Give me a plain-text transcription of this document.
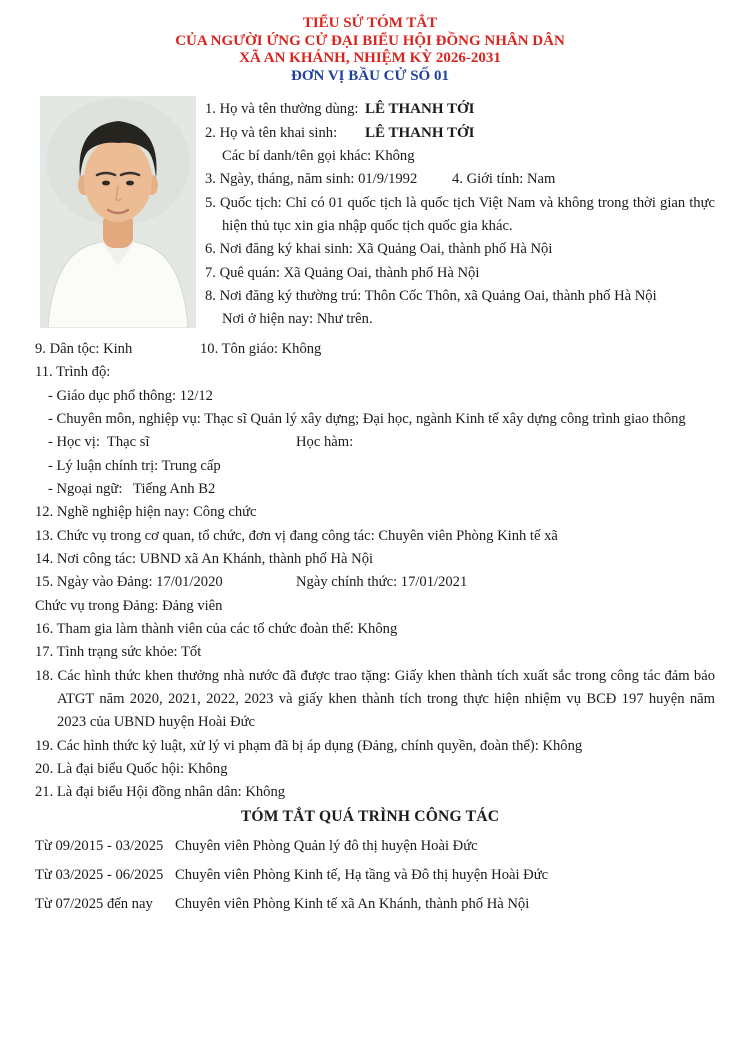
TIỂU SỬ TÓM TẮT
CỦA NGƯỜI ỨNG CỬ ĐẠI BIỂU HỘI ĐỒNG NHÂN DÂN
XÃ AN KHÁNH, NHIỆM KỲ 2026-2031
ĐƠN VỊ BẦU CỬ SỐ 01
1. Họ và tên thường dùng: LÊ THANH TỚI
2. Họ và tên khai sinh: LÊ THANH TỚI
Các bí danh/tên gọi khác: Không
3. Ngày, tháng, năm sinh: 01/9/1992 4. Giới tính: Nam
5. Quốc tịch: Chỉ có 01 quốc tịch là quốc tịch Việt Nam và không trong thời gian thực hiện thủ tục xin gia nhập quốc tịch quốc gia khác.
6. Nơi đăng ký khai sinh: Xã Quảng Oai, thành phố Hà Nội
7. Quê quán: Xã Quảng Oai, thành phố Hà Nội
8. Nơi đăng ký thường trú: Thôn Cốc Thôn, xã Quảng Oai, thành phố Hà Nội
Nơi ở hiện nay: Như trên.
9. Dân tộc: Kinh	10. Tôn giáo: Không
11. Trình độ:
- Giáo dục phổ thông: 12/12
- Chuyên môn, nghiệp vụ: Thạc sĩ Quản lý xây dựng; Đại học, ngành Kinh tế xây dựng công trình giao thông
- Học vị:  Thạc sĩ	Học hàm:
- Lý luận chính trị: Trung cấp
- Ngoại ngữ:   Tiếng Anh B2
12. Nghề nghiệp hiện nay: Công chức
13. Chức vụ trong cơ quan, tổ chức, đơn vị đang công tác: Chuyên viên Phòng Kinh tế xã
14. Nơi công tác: UBND xã An Khánh, thành phố Hà Nội
15. Ngày vào Đảng: 17/01/2020	Ngày chính thức: 17/01/2021
Chức vụ trong Đảng: Đảng viên
16. Tham gia làm thành viên của các tổ chức đoàn thể: Không
17. Tình trạng sức khỏe: Tốt
18. Các hình thức khen thưởng nhà nước đã được trao tặng: Giấy khen thành tích xuất sắc trong công tác đảm bảo ATGT năm 2020, 2021, 2022, 2023 và giấy khen thành tích trong thực hiện nhiệm vụ BCĐ 197 huyện năm 2023 của UBND huyện Hoài Đức
19. Các hình thức kỷ luật, xử lý vi phạm đã bị áp dụng (Đảng, chính quyền, đoàn thể): Không
20. Là đại biểu Quốc hội: Không
21. Là đại biểu Hội đồng nhân dân: Không
TÓM TẮT QUÁ TRÌNH CÔNG TÁC
Từ 09/2015 - 03/2025 Chuyên viên Phòng Quản lý đô thị huyện Hoài Đức
Từ 03/2025 - 06/2025 Chuyên viên Phòng Kinh tế, Hạ tầng và Đô thị huyện Hoài Đức
Từ 07/2025 đến nay	Chuyên viên Phòng Kinh tế xã An Khánh, thành phố Hà Nội
